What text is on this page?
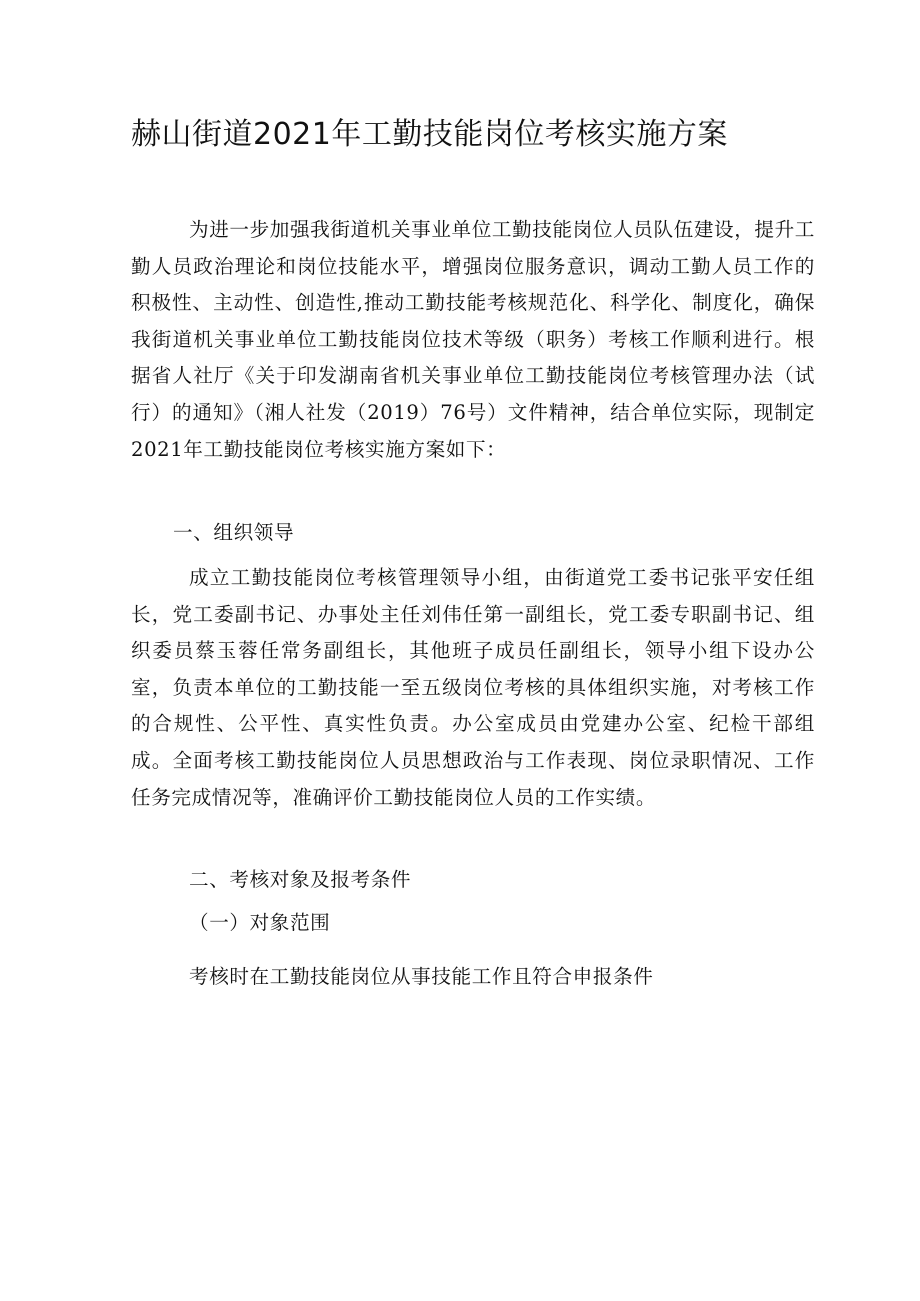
赫山街道2021年工勤技能岗位考核实施方案

为进一步加强我街道机关事业单位工勤技能岗位人员队伍建设，提升工勤人员政治理论和岗位技能水平，增强岗位服务意识，调动工勤人员工作的积极性、主动性、创造性,推动工勤技能考核规范化、科学化、制度化，确保我街道机关事业单位工勤技能岗位技术等级（职务）考核工作顺利进行。根据省人社厅《关于印发湖南省机关事业单位工勤技能岗位考核管理办法（试行）的通知》（湘人社发（2019）76号）文件精神，结合单位实际，现制定2021年工勤技能岗位考核实施方案如下：

一、组织领导

成立工勤技能岗位考核管理领导小组，由街道党工委书记张平安任组长，党工委副书记、办事处主任刘伟任第一副组长，党工委专职副书记、组织委员蔡玉蓉任常务副组长，其他班子成员任副组长，领导小组下设办公室，负责本单位的工勤技能一至五级岗位考核的具体组织实施，对考核工作的合规性、公平性、真实性负责。办公室成员由党建办公室、纪检干部组成。全面考核工勤技能岗位人员思想政治与工作表现、岗位录职情况、工作任务完成情况等，准确评价工勤技能岗位人员的工作实绩。

二、考核对象及报考条件

（一）对象范围

考核时在工勤技能岗位从事技能工作且符合申报条件
